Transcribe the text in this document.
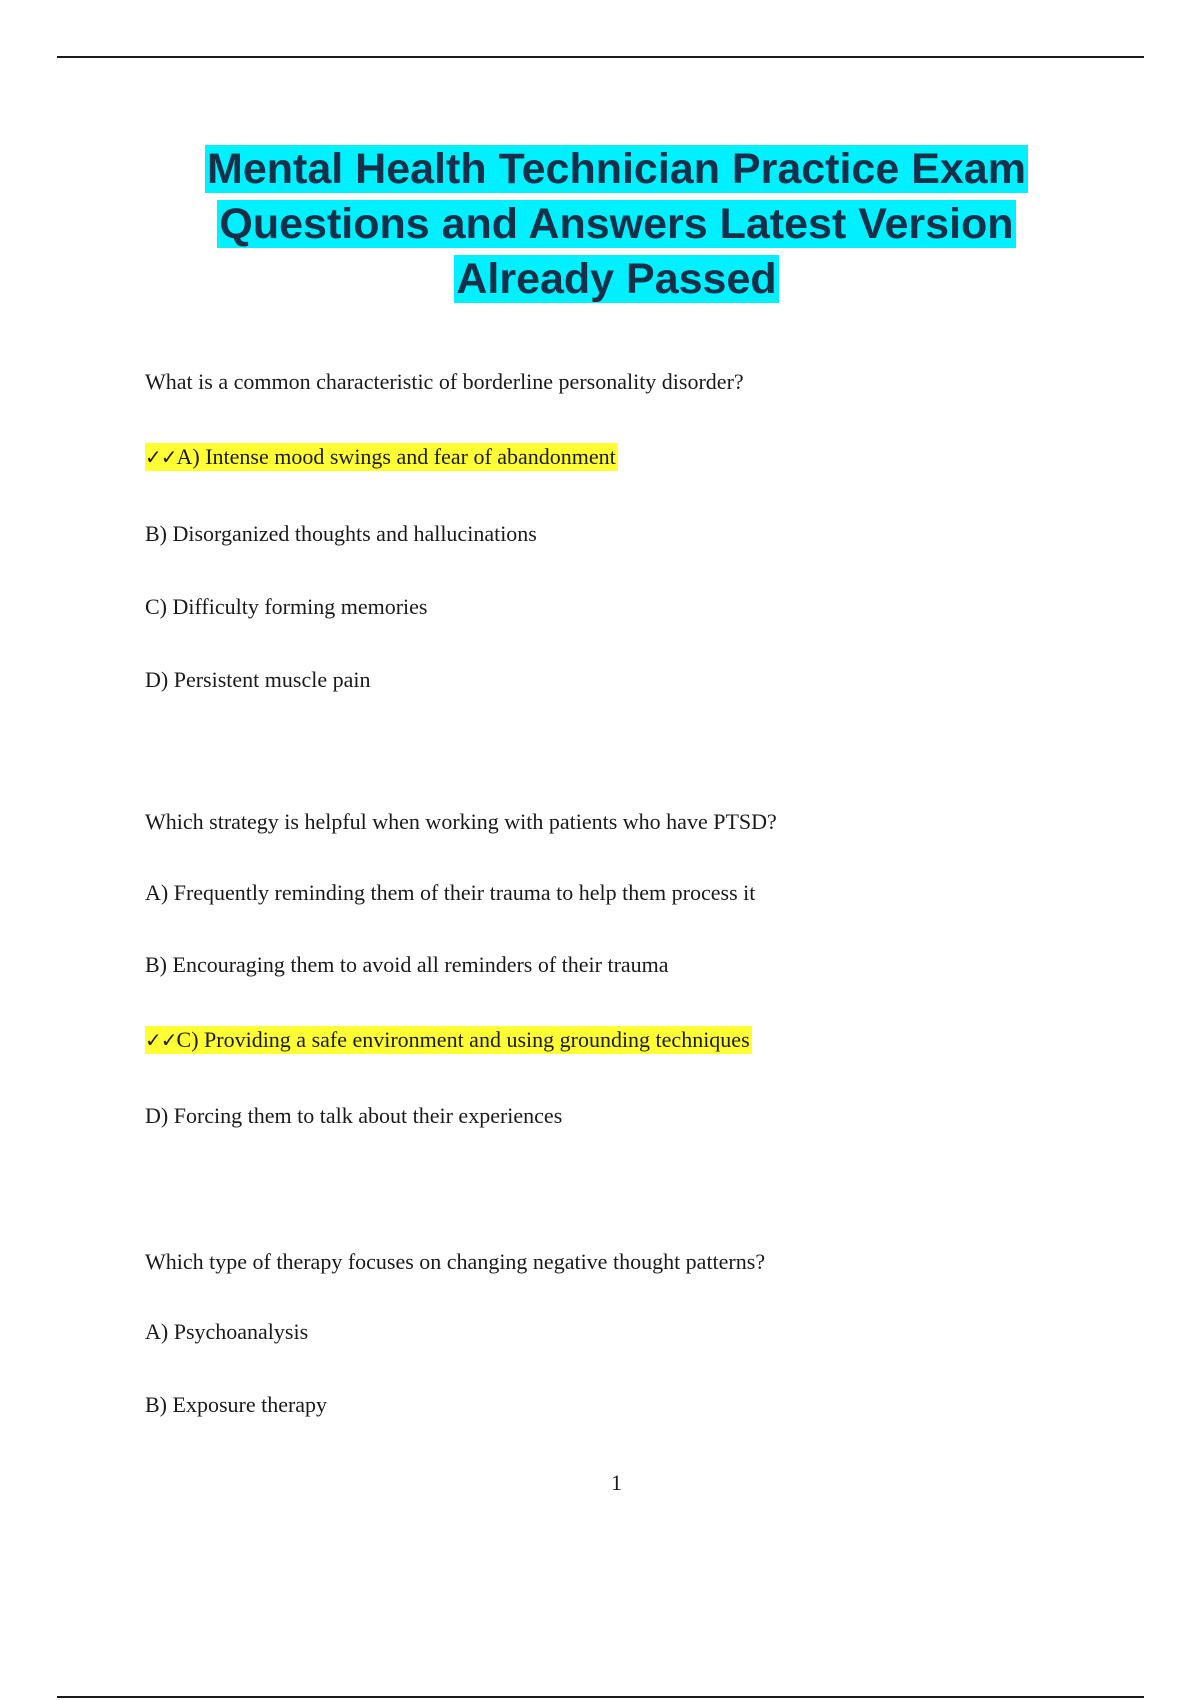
Mental Health Technician Practice Exam
Questions and Answers Latest Version
Already Passed
What is a common characteristic of borderline personality disorder?
✓✓A) Intense mood swings and fear of abandonment
B) Disorganized thoughts and hallucinations
C) Difficulty forming memories
D) Persistent muscle pain
Which strategy is helpful when working with patients who have PTSD?
A) Frequently reminding them of their trauma to help them process it
B) Encouraging them to avoid all reminders of their trauma
✓✓C) Providing a safe environment and using grounding techniques
D) Forcing them to talk about their experiences
Which type of therapy focuses on changing negative thought patterns?
A) Psychoanalysis
B) Exposure therapy
1
